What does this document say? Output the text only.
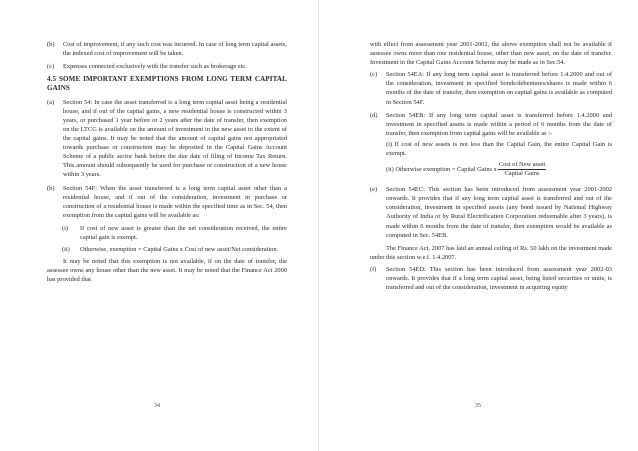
(b)	Cost of improvement, if any such cost was incurred. In case of long term capital assets, the indexed cost of improvement will be taken.
(c)	Expenses connected exclusively with the transfer such as brokerage etc.
4.5 SOME IMPORTANT EXEMPTIONS FROM LONG TERM CAPITAL GAINS
(a)	Section 54: In case the asset transferred is a long term capital asset being a residential house, and if out of the capital gains, a new residential house is constructed within 3 years, or purchased 1 year before or 2 years after the date of transfer, then exemption on the LTCG is available on the amount of investment in the new asset to the extent of the capital gains. It may be noted that the amount of capital gains not appropriated towards purchase or construction may be deposited in the Capital Gains Account Scheme of a public sector bank before the due date of filing of Income Tax Return. This amount should subsequently be used for purchase or construction of a new house within 3 years.
(b)	Section 54F: When the asset transferred is a long term capital asset other than a residential house, and if out of the consideration, investment in purchase or construction of a residential house is made within the specified time as in Sec. 54, then exemption from the capital gains will be available as:
(i)	If cost of new asset is greater than the net consideration received, the entire capital gain is exempt.
(ii)	Otherwise, exemption = Capital Gains x Cost of new asset/Net consideration.
It may be noted that this exemption is not available, if on the date of transfer, the assessee owns any house other than the new asset. It may be noted that the Finance Act 2000 has provided that
34
with effect from assessment year 2001-2002, the above exemption shall not be available if assessee owns more than one residential house, other than new asset, on the date of transfer. Investment in the Capital Gains Account Scheme may be made as in Sec.54.
(c)	Section 54EA: If any long term capital asset is transferred before 1.4.2000 and out of the consideration, investment in specified bonds/debentures/shares is made within 6 months of the date of transfer, then exemption on capital gains is available as computed in Section 54F.
(d)	Section 54EB: If any long term capital asset is transferred before 1.4.2000 and investment in specified assets is made within a period of 6 months from the date of transfer, then exemption from capital gains will be available as :-
(i) If cost of new assets is not less than the Capital Gain, the entire Capital Gain is exempt.
(ii) Otherwise exemption = Capital Gains x $\frac{\text{Cost of New asset}}{\text{Capital Gains}}$
(e)	Section 54EC: This section has been introduced from assessment year 2001-2002 onwards. It provides that if any long term capital asset is transferred and out of the consideration, investment in specified assets (any bond issued by National Highway Authority of India or by Rural Electrification Corporation redeemable after 3 years), is made within 6 months from the date of transfer, then exemption would be available as computed in Sec. 54EB.
The Finance Act, 2007 has laid an annual ceiling of Rs. 50 lakh on the investment made under this section w.e.f. 1.4.2007.
(f)	Section 54ED: This section has been introduced from assessment year 2002-03 onwards. It provides that if a long term capital asset, being listed securities or units, is transferred and out of the consideration, investment in acquiring equity
35
